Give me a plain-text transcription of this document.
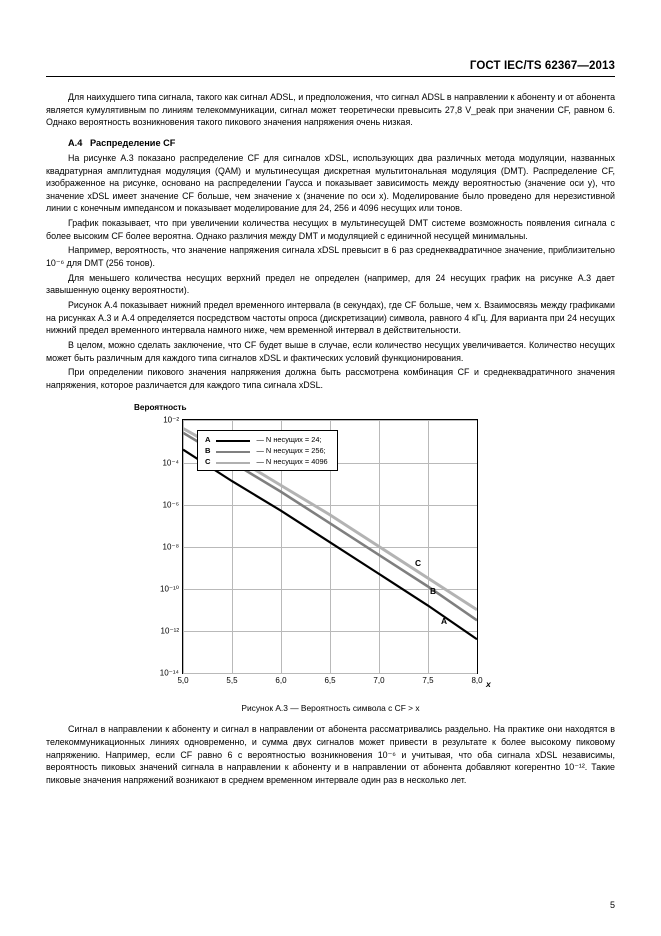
ГОСТ IEC/TS 62367—2013

Для наихудшего типа сигнала, такого как сигнал ADSL, и предположения, что сигнал ADSL в направлении к абоненту и от абонента является кумулятивным по линиям телекоммуникации, сигнал может теоретически превысить 27,8 V_peak при значении CF, равном 6. Однако вероятность возникновения такого пикового значения напряжения очень низкая.

А.4 Распределение CF

На рисунке А.3 показано распределение CF для сигналов xDSL, использующих два различных метода модуляции, названных квадратурная амплитудная модуляция (QAM) и мультинесущая дискретная мультитональная модуляция (DMT). Распределение CF, изображенное на рисунке, основано на распределении Гаусса и показывает зависимость между вероятностью (значение оси у), что значение xDSL имеет значение CF больше, чем значение х (значение по оси х). Моделирование было проведено для нерезистивной линии с конечным импедансом и показывает моделирование для 24, 256 и 4096 несущих или тонов.

График показывает, что при увеличении количества несущих в мультинесущей DMT системе возможность появления сигнала с более высоким CF более вероятна. Однако различия между DMT и модуляцией с единичной несущей минимальны.

Например, вероятность, что значение напряжения сигнала xDSL превысит в 6 раз среднеквадратичное значение, приблизительно 10⁻⁶ для DMT (256 тонов).

Для меньшего количества несущих верхний предел не определен (например, для 24 несущих график на рисунке А.3 дает завышенную оценку вероятности).

Рисунок А.4 показывает нижний предел временного интервала (в секундах), где CF больше, чем х. Взаимосвязь между графиками на рисунках А.3 и А.4 определяется посредством частоты опроса (дискретизации) символа, равного 4 кГц. Для варианта при 24 несущих нижний предел временного интервала намного ниже, чем временной интервал в действительности.

В целом, можно сделать заключение, что CF будет выше в случае, если количество несущих увеличивается. Количество несущих может быть различным для каждого типа сигналов xDSL и фактических условий функционирования.

При определении пикового значения напряжения должна быть рассмотрена комбинация CF и среднеквадратичного значения напряжения, которое различается для каждого типа сигнала xDSL.

Вероятность
10⁻²
10⁻⁴
10⁻⁶
10⁻⁸
10⁻¹⁰
10⁻¹²
10⁻¹⁴
5,0	5,5	6,0	6,5	7,0	7,5	8,0
A		— N несущих = 24;
B		— N несущих = 256;
C		— N несущих = 4096
C
B
A
x
Рисунок А.3 — Вероятность символа с CF > x

Сигнал в направлении к абоненту и сигнал в направлении от абонента рассматривались раздельно. На практике они находятся в телекоммуникационных линиях одновременно, и сумма двух сигналов может привести в результате к более высокому пиковому напряжению. Например, если CF равно 6 с вероятностью возникновения 10⁻⁶ и учитывая, что оба сигнала xDSL независимы, вероятность пиковых значений сигнала в направлении к абоненту и в направлении от абонента добавляют когерентно 10⁻¹². Такие пиковые значения напряжений возникают в среднем временном интервале один раз в несколько лет.

5
